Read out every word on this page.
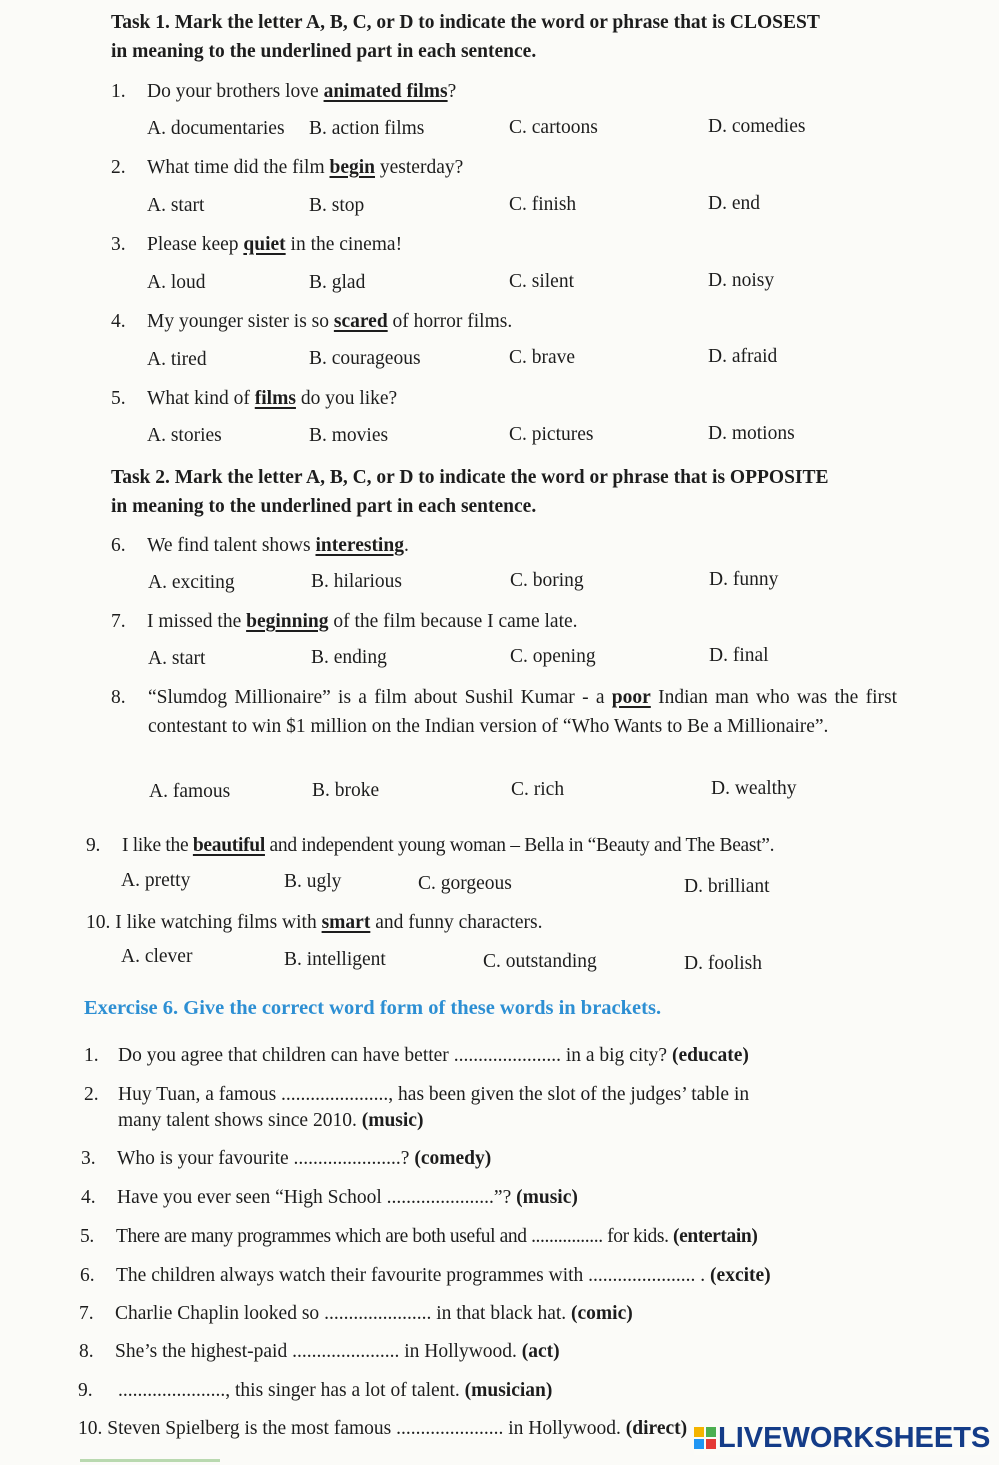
Task 1. Mark the letter A, B, C, or D to indicate the word or phrase that is CLOSEST
in meaning to the underlined part in each sentence.
1. Do your brothers love animated films?
A. documentaries B. action films	C. cartoons	D. comedies
2. What time did the film begin yesterday?
A. start	B. stop	C. finish	D. end
3. Please keep quiet in the cinema!
A. loud	B. glad	C. silent	D. noisy
4. My younger sister is so scared of horror films.
A. tired	B. courageous	C. brave	D. afraid
5. What kind of films do you like?
A. stories	B. movies	C. pictures	D. motions
Task 2. Mark the letter A, B, C, or D to indicate the word or phrase that is OPPOSITE
in meaning to the underlined part in each sentence.
6. We find talent shows interesting.
A. exciting	B. hilarious	C. boring	D. funny
7. I missed the beginning of the film because I came late.
A. start	B. ending	C. opening	D. final
8.	“Slumdog Millionaire” is a film about Sushil Kumar - a poor Indian man who was the first contestant to win $1 million on the Indian version of “Who Wants to Be a Millionaire”.
A. famous	B. broke	C. rich	D. wealthy
9. I like the beautiful and independent young woman – Bella in “Beauty and The Beast”.
A. pretty	B. ugly	C. gorgeous	D. brilliant
10. I like watching films with smart and funny characters.
A. clever	B. intelligent	C. outstanding	D. foolish
Exercise 6. Give the correct word form of these words in brackets.
1. Do you agree that children can have better ...................... in a big city? (educate)
2. Huy Tuan, a famous ......................, has been given the slot of the judges’ table in
many talent shows since 2010. (music)
3. Who is your favourite ......................? (comedy)
4. Have you ever seen “High School ......................”? (music)
5. There are many programmes which are both useful and ................ for kids. (entertain)
6. The children always watch their favourite programmes with ...................... . (excite)
7. Charlie Chaplin looked so ...................... in that black hat. (comic)
8. She’s the highest-paid ...................... in Hollywood. (act)
9. ......................, this singer has a lot of talent. (musician)
10. Steven Spielberg is the most famous ...................... in Hollywood. (direct)	LIVEWORKSHEETS
